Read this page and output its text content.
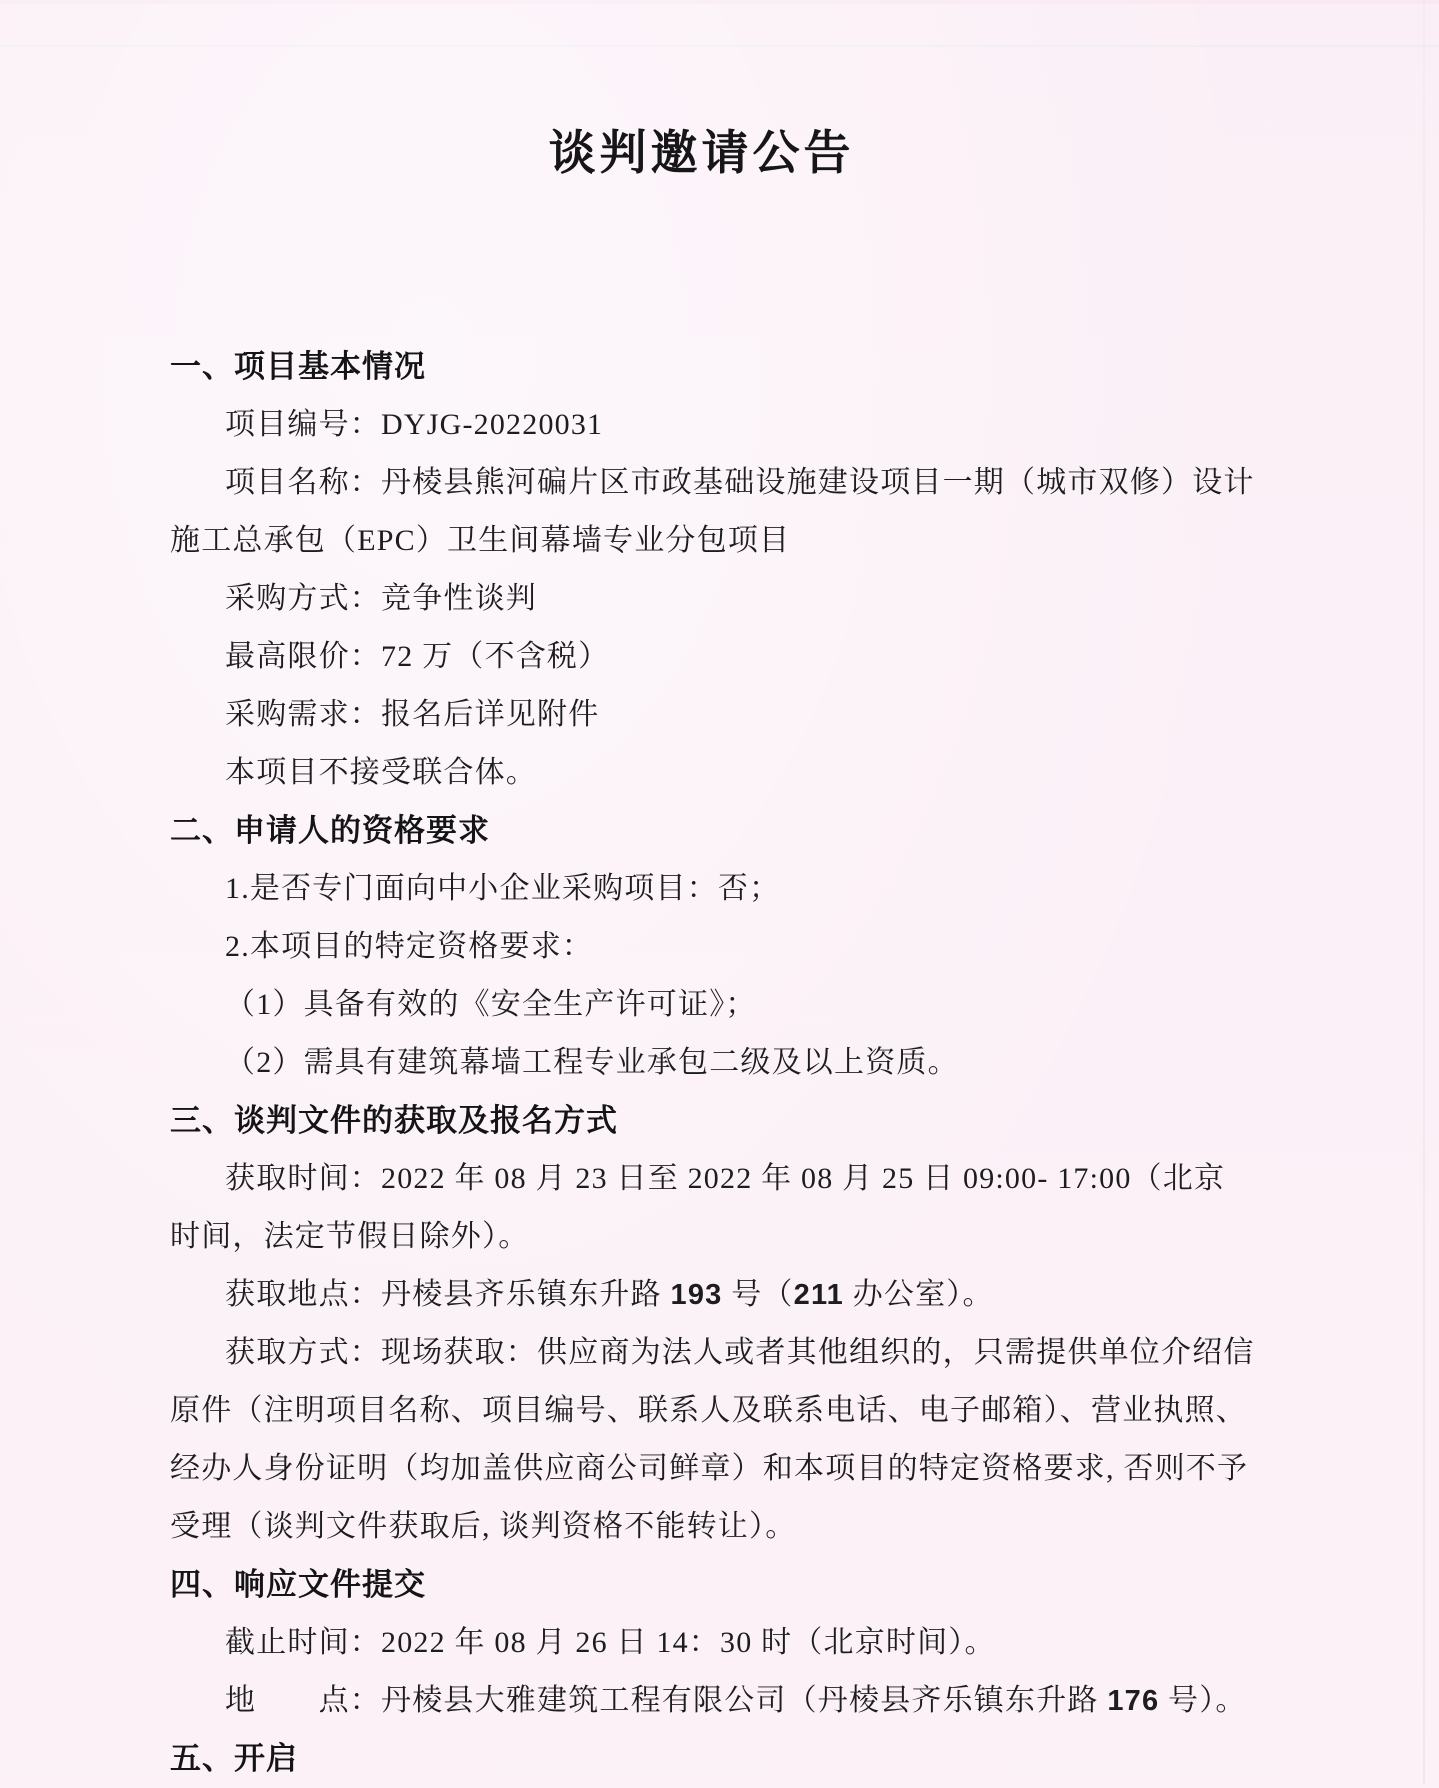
谈判邀请公告

一、项目基本情况

项目编号：DYJG-20220031

项目名称：丹棱县熊河碥片区市政基础设施建设项目一期（城市双修）设计

施工总承包（EPC）卫生间幕墙专业分包项目

采购方式：竞争性谈判

最高限价：72 万（不含税）

采购需求：报名后详见附件

本项目不接受联合体。

二、申请人的资格要求

1.是否专门面向中小企业采购项目：否；

2.本项目的特定资格要求：

（1）具备有效的《安全生产许可证》；

（2）需具有建筑幕墙工程专业承包二级及以上资质。

三、谈判文件的获取及报名方式

获取时间：2022 年 08 月 23 日至 2022 年 08 月 25 日 09:00- 17:00（北京

时间，法定节假日除外）。

获取地点：丹棱县齐乐镇东升路 193 号（211 办公室）。

获取方式：现场获取：供应商为法人或者其他组织的，只需提供单位介绍信

原件（注明项目名称、项目编号、联系人及联系电话、电子邮箱）、营业执照、

经办人身份证明（均加盖供应商公司鲜章）和本项目的特定资格要求, 否则不予

受理（谈判文件获取后, 谈判资格不能转让）。

四、响应文件提交

截止时间：2022 年 08 月 26 日 14：30 时（北京时间）。

地　　点：丹棱县大雅建筑工程有限公司（丹棱县齐乐镇东升路 176 号）。

五、开启
